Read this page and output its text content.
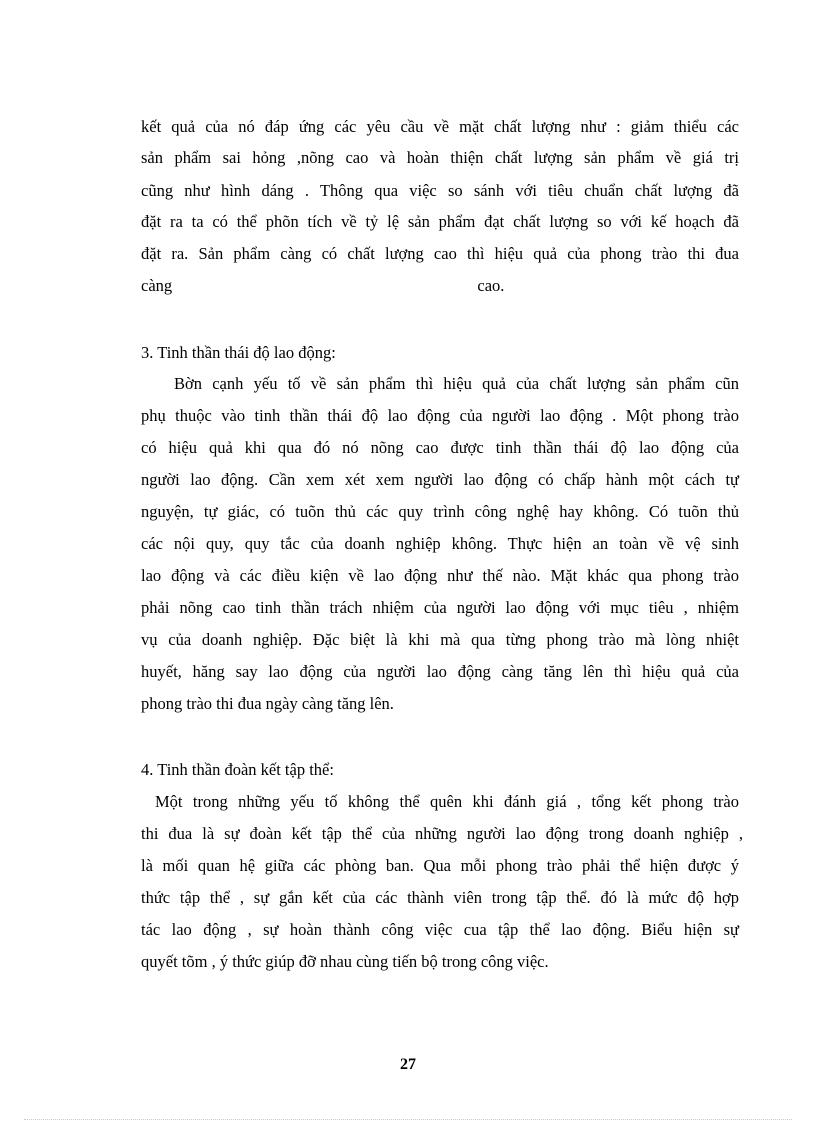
kết quả của nó đáp ứng các yêu cầu về mặt chất lượng như : giảm thiểu các
sản phẩm sai hỏng ,nõng cao và hoàn thiện chất lượng sản phẩm về giá trị
cũng như hình dáng . Thông qua việc so sánh với tiêu chuẩn chất lượng đã
đặt ra ta có thể phõn tích về tỷ lệ sản phẩm đạt chất lượng so với kế hoạch đã
đặt ra. Sản phẩm càng có chất lượng cao thì hiệu quả của phong trào thi đua
càng                                                                          cao.
3. Tinh thần thái độ lao động:
Bờn cạnh yếu tố về sản phẩm thì hiệu quả của chất lượng sản phẩm cũn
phụ thuộc vào tinh thần thái độ lao động của người lao động . Một phong trào
có hiệu quả khi qua đó nó nõng cao được tinh thần thái độ lao động của
người lao động. Cần xem xét xem người lao động có chấp hành một cách tự
nguyện, tự giác, có tuõn thủ các quy trình công nghệ hay không. Có tuõn thủ
các nội quy, quy tắc của doanh nghiệp không. Thực hiện an toàn về vệ sinh
lao động và các điều kiện về lao động như thế nào. Mặt khác qua phong trào
phải nõng cao tinh thần trách nhiệm của người lao động với mục tiêu , nhiệm
vụ của doanh nghiệp. Đặc biệt là khi mà qua từng phong trào mà lòng nhiệt
huyết, hăng say lao động của người lao động càng tăng lên thì hiệu quả của
phong trào thi đua ngày càng tăng lên.
4. Tinh thần đoàn kết tập thể:
Một trong những yếu tố không thể quên khi đánh giá , tổng kết phong trào
thi đua là sự đoàn kết tập thể của những người lao động trong doanh nghiệp ,
là mối quan hệ giữa các phòng ban. Qua mỗi phong trào phải thể hiện được ý
thức tập thể , sự gắn kết của các thành viên trong tập thể. đó là mức độ hợp
tác lao động , sự hoàn thành công việc cua tập thể lao động. Biểu hiện sự
quyết tõm , ý thức giúp đỡ nhau cùng tiến bộ trong công việc.
27
